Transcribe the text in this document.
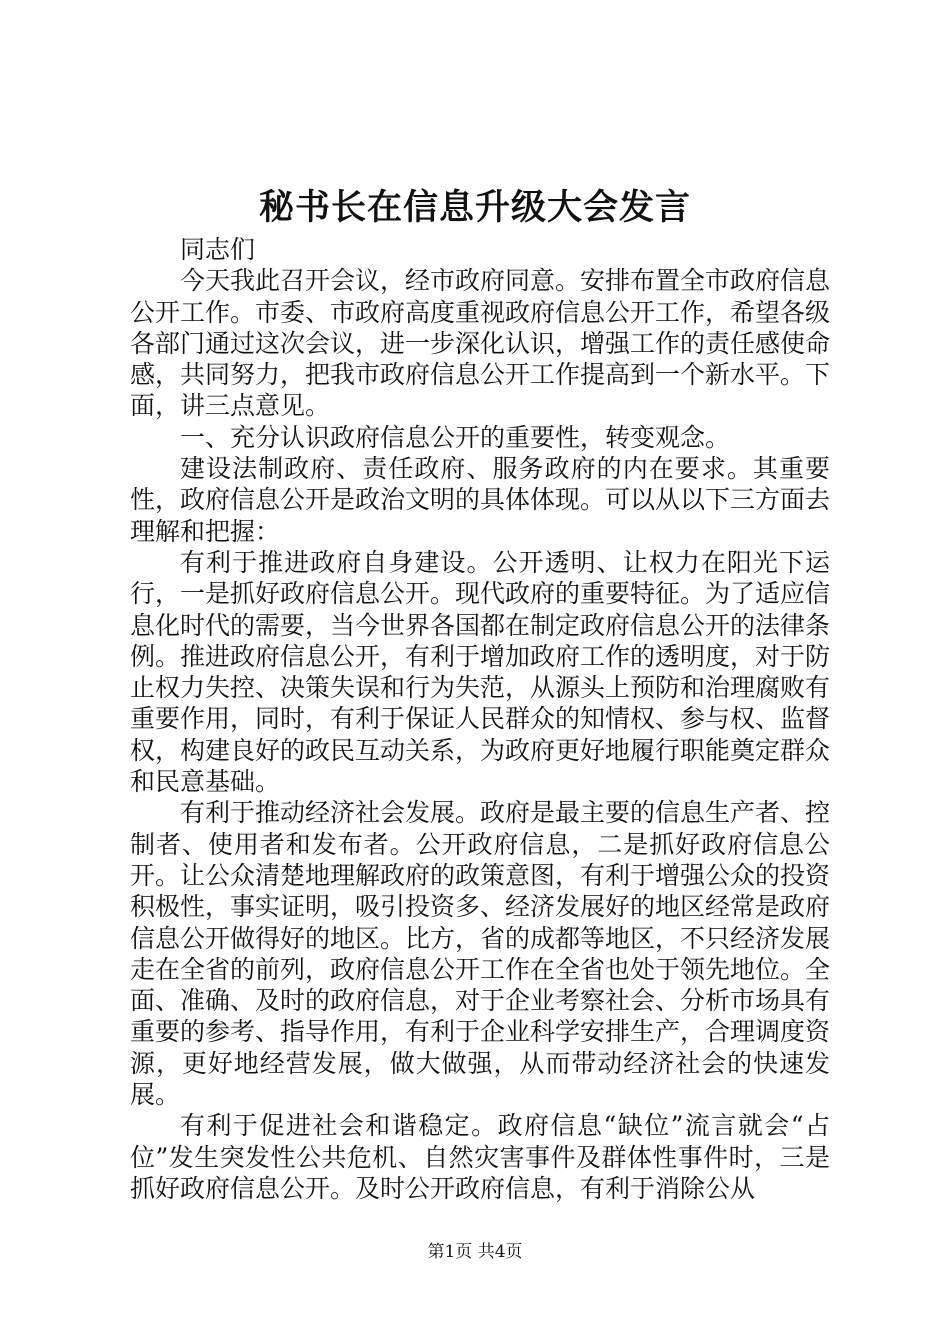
秘书长在信息升级大会发言

同志们

今天我此召开会议，经市政府同意。安排布置全市政府信息公开工作。市委、市政府高度重视政府信息公开工作，希望各级各部门通过这次会议，进一步深化认识，增强工作的责任感使命感，共同努力，把我市政府信息公开工作提高到一个新水平。下面，讲三点意见。

一、充分认识政府信息公开的重要性，转变观念。

建设法制政府、责任政府、服务政府的内在要求。其重要性，政府信息公开是政治文明的具体体现。可以从以下三方面去理解和把握：

有利于推进政府自身建设。公开透明、让权力在阳光下运行，一是抓好政府信息公开。现代政府的重要特征。为了适应信息化时代的需要，当今世界各国都在制定政府信息公开的法律条例。推进政府信息公开，有利于增加政府工作的透明度，对于防止权力失控、决策失误和行为失范，从源头上预防和治理腐败有重要作用，同时，有利于保证人民群众的知情权、参与权、监督权，构建良好的政民互动关系，为政府更好地履行职能奠定群众和民意基础。

有利于推动经济社会发展。政府是最主要的信息生产者、控制者、使用者和发布者。公开政府信息，二是抓好政府信息公开。让公众清楚地理解政府的政策意图，有利于增强公众的投资积极性，事实证明，吸引投资多、经济发展好的地区经常是政府信息公开做得好的地区。比方，省的成都等地区，不只经济发展走在全省的前列，政府信息公开工作在全省也处于领先地位。全面、准确、及时的政府信息，对于企业考察社会、分析市场具有重要的参考、指导作用，有利于企业科学安排生产，合理调度资源，更好地经营发展，做大做强，从而带动经济社会的快速发展。

有利于促进社会和谐稳定。政府信息“缺位”流言就会“占位”发生突发性公共危机、自然灾害事件及群体性事件时，三是抓好政府信息公开。及时公开政府信息，有利于消除公从

第1页 共4页
